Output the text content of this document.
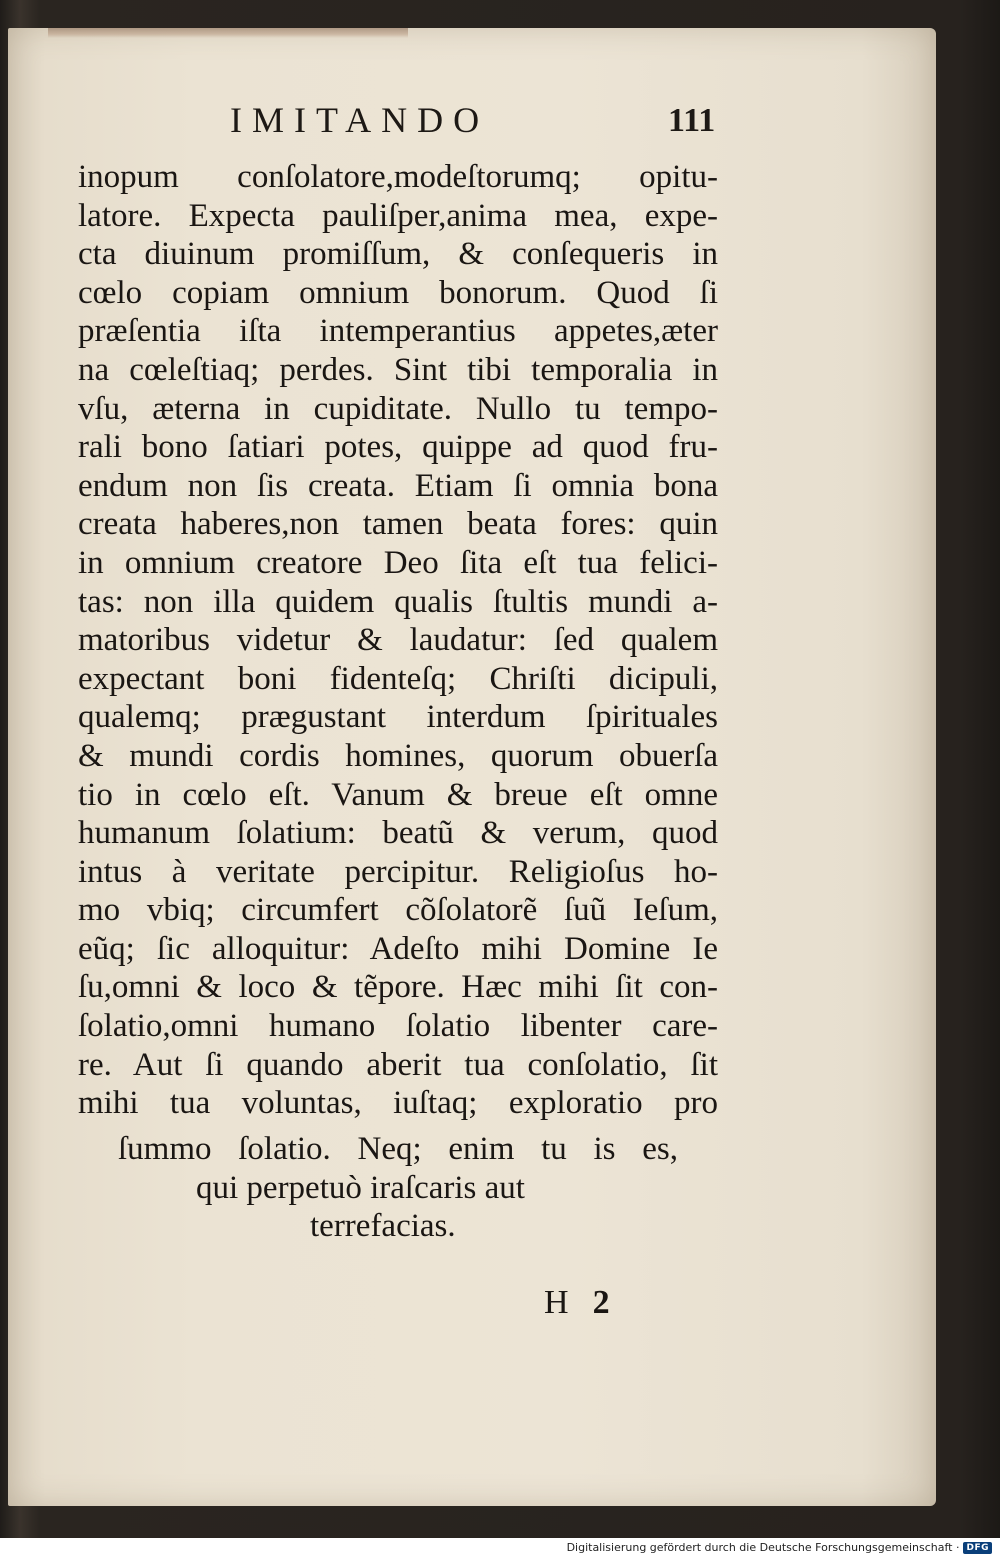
IMITANDO	111
inopum conſolatore,modeſtorumq; opitu-
latore. Expecta pauliſper,anima mea, expe-
cta diuinum promiſſum, & conſequeris in
cœlo copiam omnium bonorum. Quod ſi
præſentia iſta intemperantius appetes,æter
na cœleſtiaq; perdes. Sint tibi temporalia in
vſu, æterna in cupiditate. Nullo tu tempo-
rali bono ſatiari potes, quippe ad quod fru-
endum non ſis creata. Etiam ſi omnia bona
creata haberes,non tamen beata fores: quin
in omnium creatore Deo ſita eſt tua felici-
tas: non illa quidem qualis ſtultis mundi a-
matoribus videtur & laudatur: ſed qualem
expectant boni fidenteſq; Chriſti dicipuli,
qualemq; prægustant interdum ſpirituales
& mundi cordis homines, quorum obuerſa
tio in cœlo eſt. Vanum & breue eſt omne
humanum ſolatium: beatũ & verum, quod
intus à veritate percipitur. Religioſus ho-
mo vbiq; circumfert cõſolatorẽ ſuũ Ieſum,
eũq; ſic alloquitur: Adeſto mihi Domine Ie
ſu,omni & loco & tẽpore. Hæc mihi ſit con-
ſolatio,omni humano ſolatio libenter care-
re. Aut ſi quando aberit tua conſolatio, ſit
mihi tua voluntas, iuſtaq; exploratio pro
ſummo ſolatio. Neq; enim tu is es,
qui perpetuò iraſcaris aut
terrefacias.
H 2
Digitalisierung gefördert durch die Deutsche Forschungsgemeinschaft · DFG
